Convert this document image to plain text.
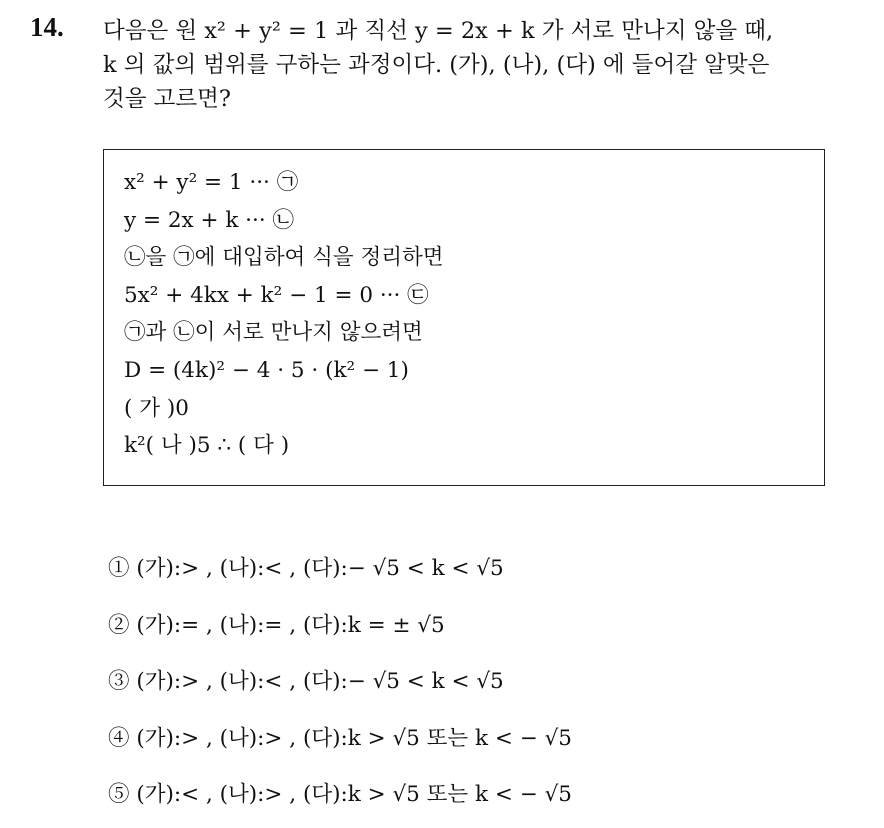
14. 다음은 원 x² + y² = 1 과 직선 y = 2x + k 가 서로 만나지 않을 때,

k 의 값의 범위를 구하는 과정이다. (가), (나), (다) 에 들어갈 알맞은

것을 고르면?

x² + y² = 1 ··· ㉠
y = 2x + k ··· ㉡
㉡을 ㉠에 대입하여 식을 정리하면
5x² + 4kx + k² − 1 = 0 ··· ㉢
㉠과 ㉡이 서로 만나지 않으려면
D = (4k)² − 4 · 5 · (k² − 1)
( 가 )0
k²( 나 )5 ∴ ( 다 )
① (가):> , (나):< , (다):− √5 < k < √5
② (가):= , (나):= , (다):k = ± √5
③ (가):> , (나):< , (다):− √5 < k < √5
④ (가):> , (나):> , (다):k > √5 또는 k < − √5
⑤ (가):< , (나):> , (다):k > √5 또는 k < − √5
